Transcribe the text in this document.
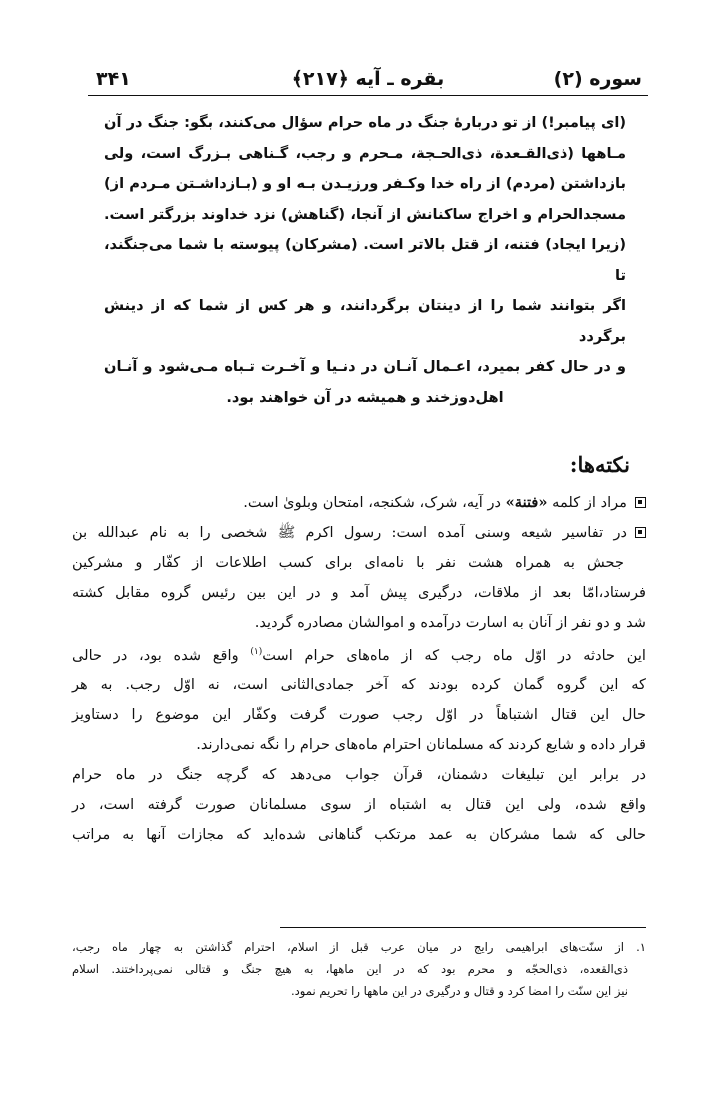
۳۴۱	بقره ـ آیه ﴿۲۱۷﴾	سوره (۲)

(ای پیامبر!) از تو دربارهٔ جنگ در ماه حرام سؤال می‌کنند، بگو: جنگ در آن

مـاهها (ذی‌القـعدة، ذی‌الحـجة، مـحرم و رجب، گـناهی بـزرگ است، ولی

بازداشتن (مردم) از راه خدا وکـفر ورزیـدن بـه او و (بـازداشـتن مـردم از)

مسجدالحرام و اخراج ساکنانش از آنجا، (گناهش) نزد خداوند بزرگتر است.

(زیرا ایجاد) فتنه، از قتل بالاتر است. (مشرکان) پیوسته با شما می‌جنگند، تا

اگر بتوانند شما را از دینتان برگردانند، و هر کس از شما که از دینش برگردد

و در حال کفر بمیرد، اعـمال آنـان در دنـیا و آخـرت تـباه مـی‌شود و آنـان

اهل‌دوزخند و همیشه در آن خواهند بود.

نکته‌ها:

مراد از کلمه «فتنة» در آیه، شرک، شکنجه، امتحان وبلویٰ است.

در تفاسیر شیعه وسنی آمده است: رسول اکرم ﷺ شخصی را به نام عبدالله بن

جحش به همراه هشت نفر با نامه‌ای برای کسب اطلاعات از کفّار و مشرکین

فرستاد،امّا بعد از ملاقات، درگیری پیش آمد و در این بین رئیس گروه مقابل کشته

شد و دو نفر از آنان به اسارت درآمده و اموالشان مصادره گردید.

این حادثه در اوّل ماه رجب که از ماه‌های حرام است$^{(۱)}$ واقع شده بود، در حالی

که این گروه گمان کرده بودند که آخر جمادی‌الثانی است، نه اوّل رجب. به هر

حال این قتال اشتباهاً در اوّل رجب صورت گرفت وکفّار این موضوع را دستاویز

قرار داده و شایع کردند که مسلمانان احترام ماه‌های حرام را نگه نمی‌دارند.

در برابر این تبلیغات دشمنان، قرآن جواب می‌دهد که گرچه جنگ در ماه حرام

واقع شده، ولی این قتال به اشتباه از سوی مسلمانان صورت گرفته است، در

حالی که شما مشرکان به عمد مرتکب گناهانی شده‌اید که مجازات آنها به مراتب

۱. از سنّت‌های ابراهیمی رایج در میان عرب قبل از اسلام، احترام گذاشتن به چهار ماه رجب،

ذی‌القعده، ذی‌الحجّه و محرم بود که در این ماهها، به هیچ جنگ و قتالی نمی‌پرداختند. اسلام

نیز این سنّت را امضا کرد و قتال و درگیری در این ماهها را تحریم نمود.
